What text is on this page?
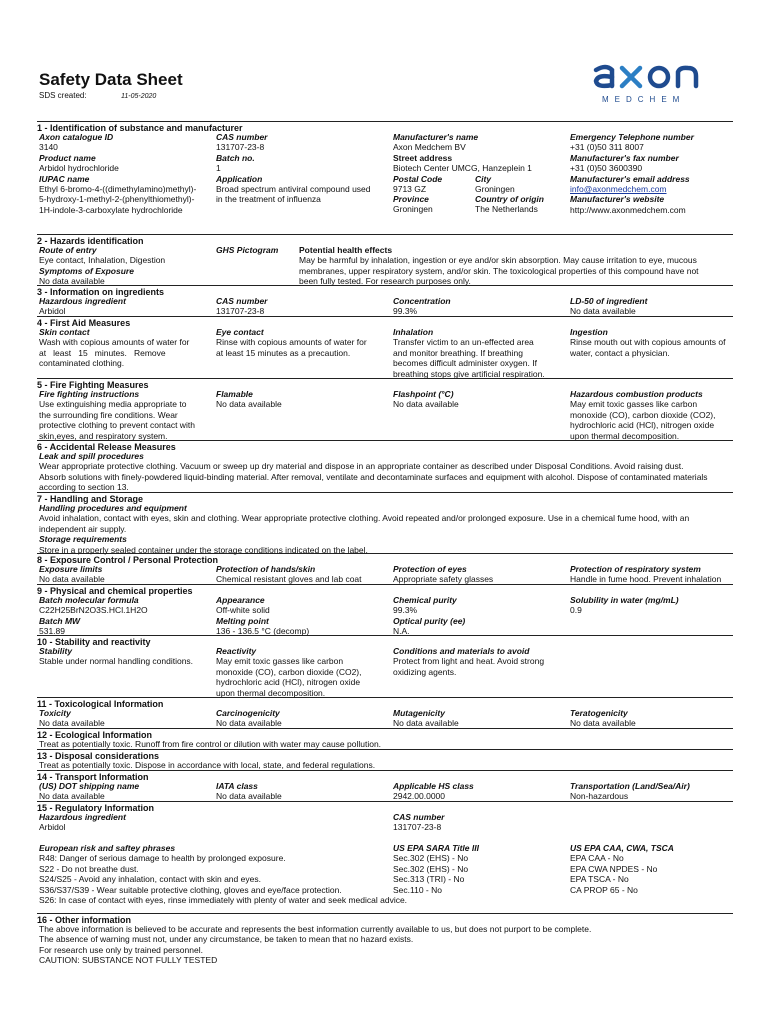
Safety Data Sheet
SDS created:	11-05-2020	MEDCHEM
1 - Identification of substance and manufacturer
Axon catalogue ID
3140
Product name
Arbidol hydrochloride
IUPAC name
Ethyl 6-bromo-4-((dimethylamino)methyl)-
5-hydroxy-1-methyl-2-(phenylthiomethyl)-
1H-indole-3-carboxylate hydrochloride
CAS number
131707-23-8
Batch no.
1
Application
Broad spectrum antiviral compound used
in the treatment of influenza
Manufacturer's name
Axon Medchem BV
Street address
Biotech Center UMCG, Hanzeplein 1
Postal Code
9713 GZ
Province
Groningen
City
Groningen
Country of origin
The Netherlands
Emergency Telephone number
+31 (0)50 311 8007
Manufacturer's fax number
+31 (0)50 3600390
Manufacturer's email address
info@axonmedchem.com
Manufacturer's website
http://www.axonmedchem.com
2 - Hazards identification
Route of entry
Eye contact, Inhalation, Digestion
Symptoms of Exposure
No data available
GHS Pictogram Potential health effects
May be harmful by inhalation, ingestion or eye and/or skin absorption. May cause irritation to eye, mucous
membranes, upper respiratory system, and/or skin. The toxicological properties of this compound have not
been fully tested. For research purposes only.
3 - Information on ingredients
Hazardous ingredient
Arbidol
CAS number
131707-23-8
Concentration
99.3%
LD-50 of ingredient
No data available
4 - First Aid Measures
Skin contact
Wash with copious amounts of water for
at   least   15   minutes.   Remove
contaminated clothing.
Eye contact
Rinse with copious amounts of water for
at least 15 minutes as a precaution.
Inhalation
Transfer victim to an un-effected area
and monitor breathing. If breathing
becomes difficult administer oxygen. If
breathing stops give artificial respiration.
Ingestion
Rinse mouth out with copious amounts of
water, contact a physician.
5 - Fire Fighting Measures
Fire fighting instructions
Use extinguishing media appropriate to
the surrounding fire conditions. Wear
protective clothing to prevent contact with
skin,eyes, and respiratory system.
Flamable
No data available
Flashpoint (°C)
No data available
Hazardous combustion products
May emit toxic gasses like carbon
monoxide (CO), carbon dioxide (CO2),
hydrochloric acid (HCl), nitrogen oxide
upon thermal decomposition.
6 - Accidental Release Measures
Leak and spill procedures
Wear appropriate protective clothing. Vacuum or sweep up dry material and dispose in an appropriate container as described under Disposal Conditions. Avoid raising dust.
Absorb solutions with finely-powdered liquid-binding material. After removal, ventilate and decontaminate surfaces and equipment with alcohol. Dispose of contaminated materials
according to section 13.
7 - Handling and Storage
Handling procedures and equipment
Avoid inhalation, contact with eyes, skin and clothing. Wear appropriate protective clothing. Avoid repeated and/or prolonged exposure. Use in a chemical fume hood, with an
independent air supply.
Storage requirements
Store in a properly sealed container under the storage conditions indicated on the label.
8 - Exposure Control / Personal Protection
Exposure limits
No data available
Protection of hands/skin
Chemical resistant gloves and lab coat
Protection of eyes
Appropriate safety glasses
Protection of respiratory system
Handle in fume hood. Prevent inhalation
9 - Physical and chemical properties
Batch molecular formula
C22H25BrN2O3S.HCl.1H2O
Batch MW
531.89
Appearance
Off-white solid
Melting point
136 - 136.5 °C (decomp)
Chemical purity
99.3%
Optical purity (ee)
N.A.
Solubility in water (mg/mL)
0.9
10 - Stability and reactivity
Stability
Stable under normal handling conditions.
Reactivity
May emit toxic gasses like carbon
monoxide (CO), carbon dioxide (CO2),
hydrochloric acid (HCl), nitrogen oxide
upon thermal decomposition.
Conditions and materials to avoid
Protect from light and heat. Avoid strong
oxidizing agents.
11 - Toxicological Information
Toxicity
No data available
Carcinogenicity
No data available
Mutagenicity
No data available
Teratogenicity
No data available
12 - Ecological Information
Treat as potentially toxic. Runoff from fire control or dilution with water may cause pollution.
13 - Disposal considerations
Treat as potentially toxic. Dispose in accordance with local, state, and federal regulations.
14 - Transport Information
(US) DOT shipping name
No data available
IATA class
No data available
Applicable HS class
2942.00.0000
Transportation (Land/Sea/Air)
Non-hazardous
15 - Regulatory Information
Hazardous ingredient
Arbidol
CAS number
131707-23-8
European risk and saftey phrases
R48: Danger of serious damage to health by prolonged exposure.
S22 - Do not breathe dust.
S24/S25 - Avoid any inhalation, contact with skin and eyes.
S36/S37/S39 - Wear suitable protective clothing, gloves and eye/face protection.
S26: In case of contact with eyes, rinse immediately with plenty of water and seek medical advice.
US EPA SARA Title III
Sec.302 (EHS) - No
Sec.302 (EHS) - No
Sec.313 (TRI) - No
Sec.110 - No
US EPA CAA, CWA, TSCA
EPA CAA - No
EPA CWA NPDES - No
EPA TSCA - No
CA PROP 65 - No
16 - Other information
The above information is believed to be accurate and represents the best information currently available to us, but does not purport to be complete.
The absence of warning must not, under any circumstance, be taken to mean that no hazard exists.
For research use only by trained personnel.
CAUTION: SUBSTANCE NOT FULLY TESTED
